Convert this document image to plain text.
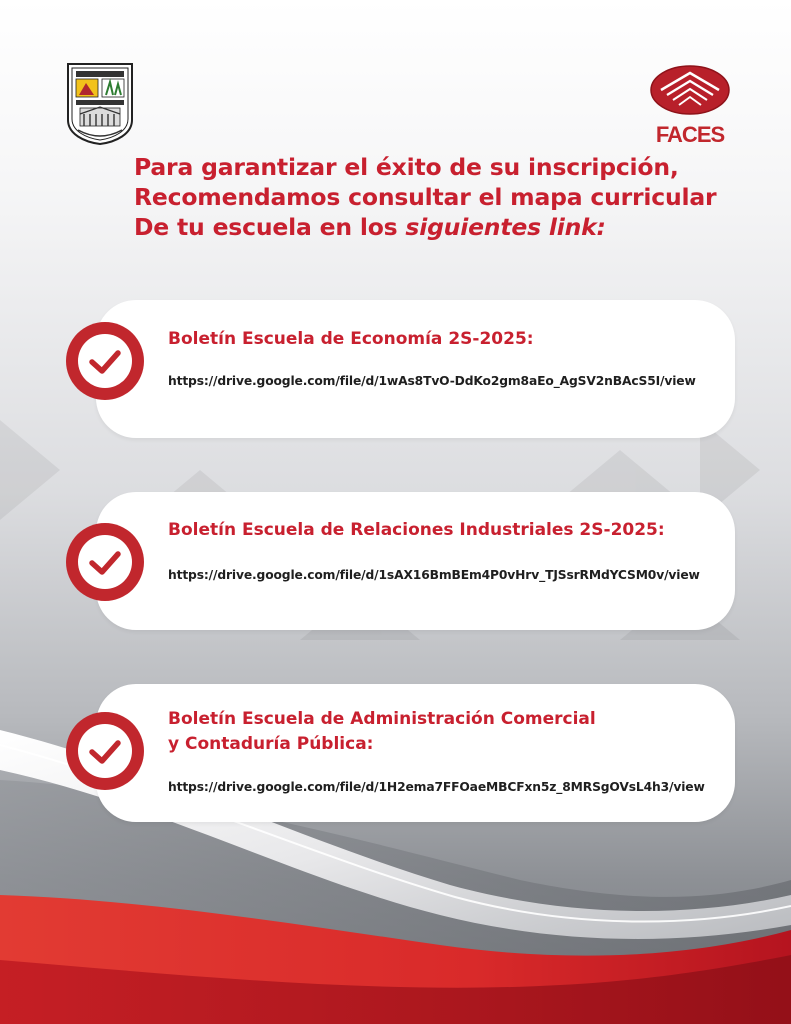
FACES
Para garantizar el éxito de su inscripción,
Recomendamos consultar el mapa curricular
De tu escuela en los siguientes link:
Boletín Escuela de Economía 2S-2025:
https://drive.google.com/file/d/1wAs8TvO-DdKo2gm8aEo_AgSV2nBAcS5I/view
Boletín Escuela de Relaciones Industriales 2S-2025:
https://drive.google.com/file/d/1sAX16BmBEm4P0vHrv_TJSsrRMdYCSM0v/view
Boletín Escuela de Administración Comercial
y Contaduría Pública:
https://drive.google.com/file/d/1H2ema7FFOaeMBCFxn5z_8MRSgOVsL4h3/view
